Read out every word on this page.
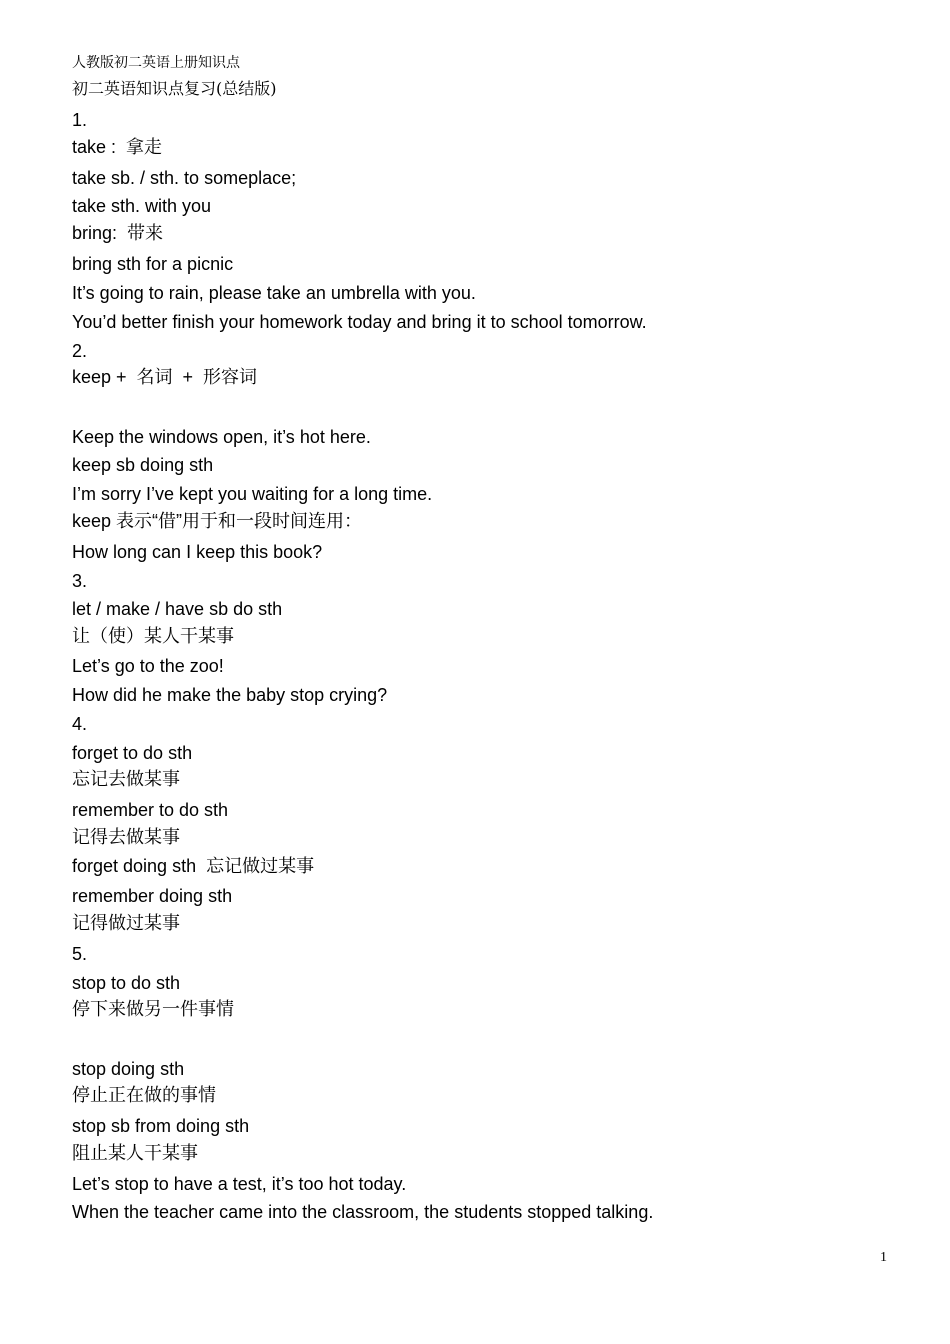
人教版初二英语上册知识点
初二英语知识点复习(总结版)
1.
take :  拿走
take sb. / sth. to someplace;
take sth. with you
bring:  带来
bring sth for a picnic
It’s going to rain, please take an umbrella with you.
You’d better finish your homework today and bring it to school tomorrow.
2.
keep +  名词  +  形容词
Keep the windows open, it’s hot here.
keep sb doing sth
I’m sorry I’ve kept you waiting for a long time.
keep 表示“借”用于和一段时间连用：
How long can I keep this book?
3.
let / make / have sb do sth
让（使）某人干某事
Let’s go to the zoo!
How did he make the baby stop crying?
4.
forget to do sth
忘记去做某事
remember to do sth
记得去做某事
forget doing sth  忘记做过某事
remember doing sth
记得做过某事
5.
stop to do sth
停下来做另一件事情
stop doing sth
停止正在做的事情
stop sb from doing sth
阻止某人干某事
Let’s stop to have a test, it’s too hot today.
When the teacher came into the classroom, the students stopped talking.
1
